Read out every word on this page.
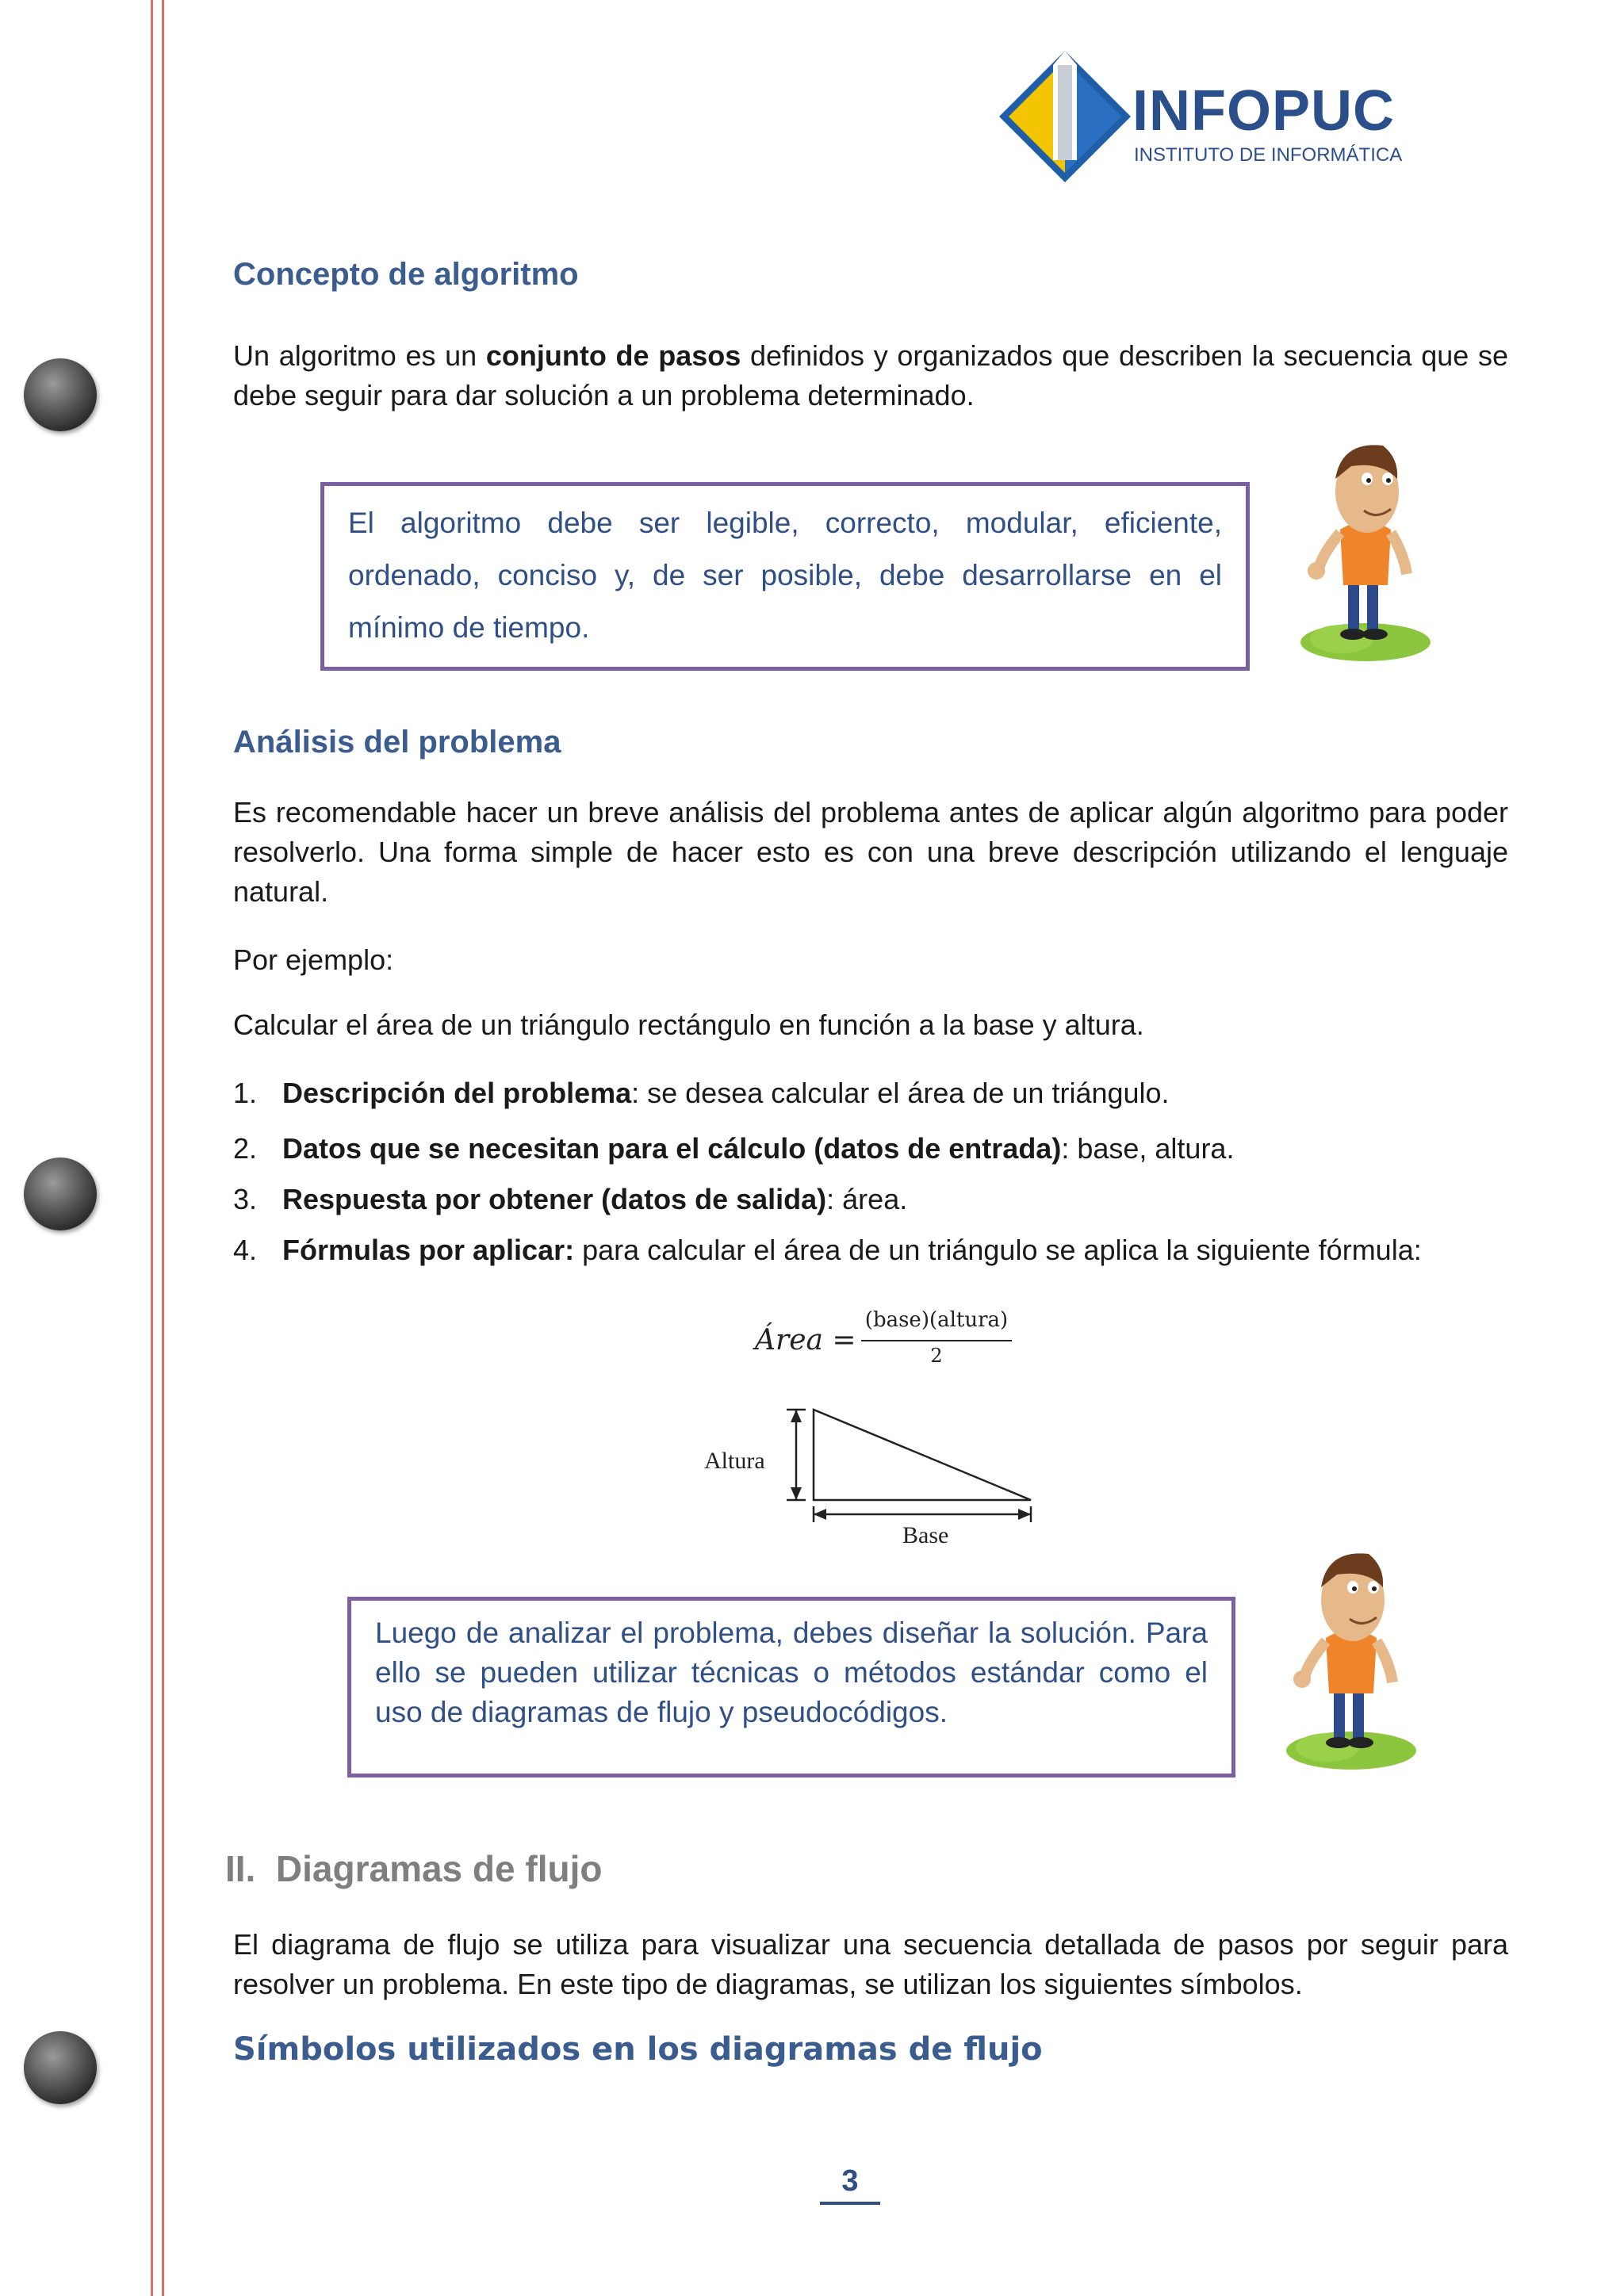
INFOPUC
INSTITUTO DE INFORMÁTICA
Concepto de algoritmo
Un algoritmo es un conjunto de pasos definidos y organizados que describen la secuencia que se debe seguir para dar solución a un problema determinado.
El algoritmo debe ser legible, correcto, modular, eficiente, ordenado, conciso y, de ser posible, debe desarrollarse en el mínimo de tiempo.
Análisis del problema
Es recomendable hacer un breve análisis del problema antes de aplicar algún algoritmo para poder resolverlo. Una forma simple de hacer esto es con una breve descripción utilizando el lenguaje natural.
Por ejemplo:
Calcular el área de un triángulo rectángulo en función a la base y altura.
1. Descripción del problema: se desea calcular el área de un triángulo.
2. Datos que se necesitan para el cálculo (datos de entrada): base, altura.
3. Respuesta por obtener (datos de salida): área.
4. Fórmulas por aplicar: para calcular el área de un triángulo se aplica la siguiente fórmula:
Área =
(base)(altura)
2
Altura
Base
Luego de analizar el problema, debes diseñar la solución. Para ello se pueden utilizar técnicas o métodos estándar como el uso de diagramas de flujo y pseudocódigos.
II. Diagramas de flujo
El diagrama de flujo se utiliza para visualizar una secuencia detallada de pasos por seguir para resolver un problema. En este tipo de diagramas, se utilizan los siguientes símbolos.
Símbolos utilizados en los diagramas de flujo
3
